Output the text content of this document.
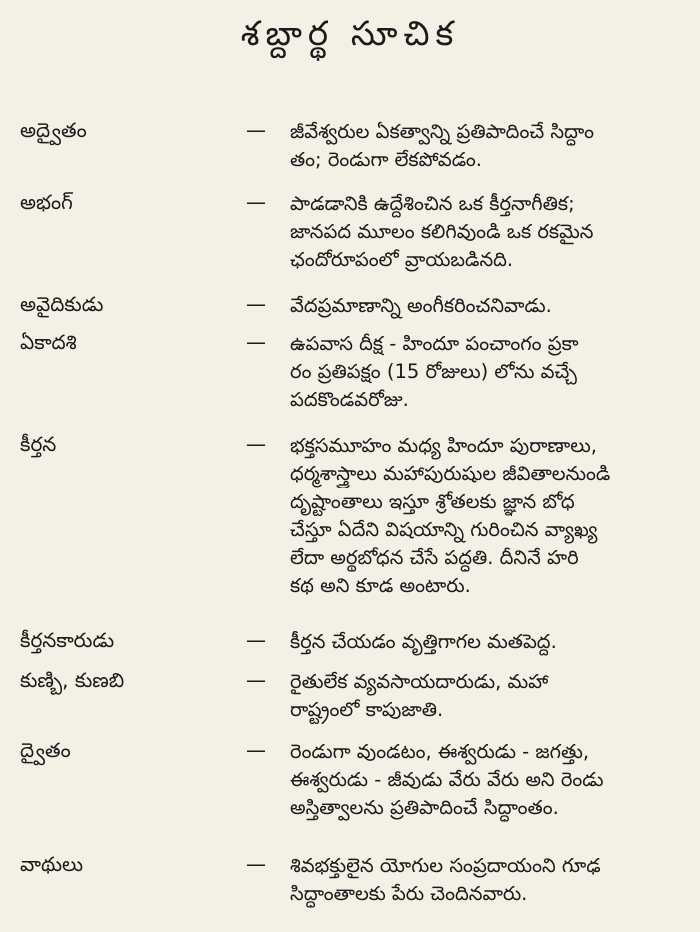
శబ్దార్థ సూచిక
అద్వైతం	— జీవేశ్వరుల ఏకత్వాన్ని ప్రతిపాదించే సిద్ధాం
తం; రెండుగా లేకపోవడం.
అభంగ్	— పాడడానికి ఉద్దేశించిన ఒక కీర్తనాగీతిక;
జానపద మూలం కలిగివుండి ఒక రకమైన
ఛందోరూపంలో వ్రాయబడినది.
అవైదికుడు	— వేదప్రమాణాన్ని అంగీకరించనివాడు.
ఏకాదశి	— ఉపవాస దీక్ష - హిందూ పంచాంగం ప్రకా
రం ప్రతిపక్షం (15 రోజులు) లోను వచ్చే
పదకొండవరోజు.
కీర్తన	— భక్తసమూహం మధ్య హిందూ పురాణాలు,
ధర్మశాస్త్రాలు మహాపురుషుల జీవితాలనుండి
దృష్టాంతాలు ఇస్తూ శ్రోతలకు జ్ఞాన బోధ
చేస్తూ ఏదేని విషయాన్ని గురించిన వ్యాఖ్య
లేదా అర్థబోధన చేసే పద్ధతి. దీనినే హరి
కథ అని కూడ అంటారు.
కీర్తనకారుడు	— కీర్తన చేయడం వృత్తిగాగల మతపెద్ద.
కుణ్బి, కుణబి	— రైతులేక వ్యవసాయదారుడు, మహా
రాష్ట్రంలో కాపుజాతి.
ద్వైతం	— రెండుగా వుండటం, ఈశ్వరుడు - జగత్తు,
ఈశ్వరుడు - జీవుడు వేరు వేరు అని రెండు
అస్తిత్వాలను ప్రతిపాదించే సిద్ధాంతం.
వాథులు	— శివభక్తులైన యోగుల సంప్రదాయంని గూఢ
సిద్ధాంతాలకు పేరు చెందినవారు.
